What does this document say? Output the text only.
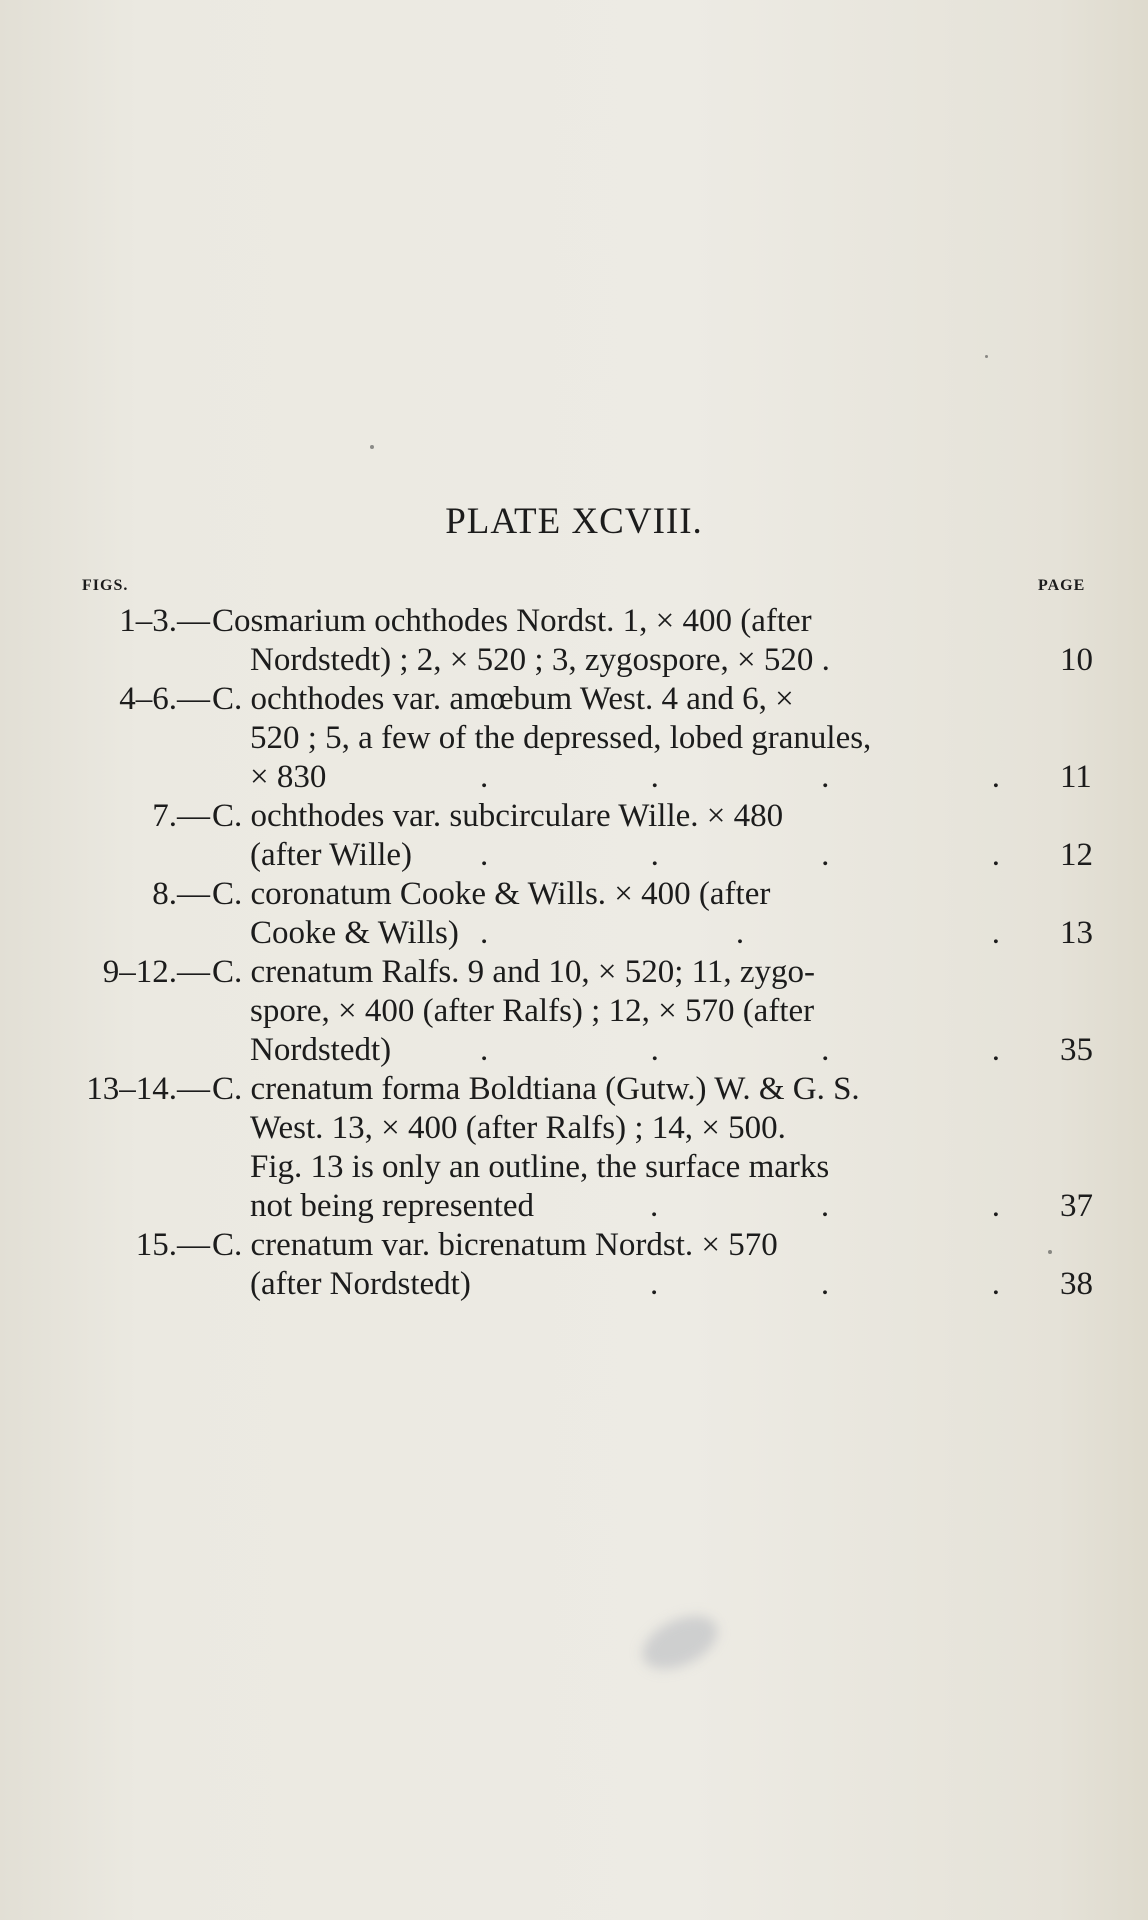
PLATE XCVIII.
FIGS.	PAGE
1–3.— Cosmarium ochthodes Nordst. 1, × 400 (after
Nordstedt) ; 2, × 520 ; 3, zygospore, × 520 .	10
4–6.— C. ochthodes var. amœbum West. 4 and 6, ×
520 ; 5, a few of the depressed, lobed granules,
× 830	.	.	.	. 11
7.— C. ochthodes var. subcirculare Wille. × 480
(after Wille) .	.	.	. 12
8.— C. coronatum Cooke & Wills. × 400 (after
Cooke & Wills) .	.	. 13
9–12.— C. crenatum Ralfs. 9 and 10, × 520; 11, zygo-
spore, × 400 (after Ralfs) ; 12, × 570 (after
Nordstedt)	.	.	.	. 35
13–14.— C. crenatum forma Boldtiana (Gutw.) W. & G. S.
West. 13, × 400 (after Ralfs) ; 14, × 500.
Fig. 13 is only an outline, the surface marks
not being represented	.	.	. 37
15.— C. crenatum var. bicrenatum Nordst. × 570
(after Nordstedt)	.	.	. 38
